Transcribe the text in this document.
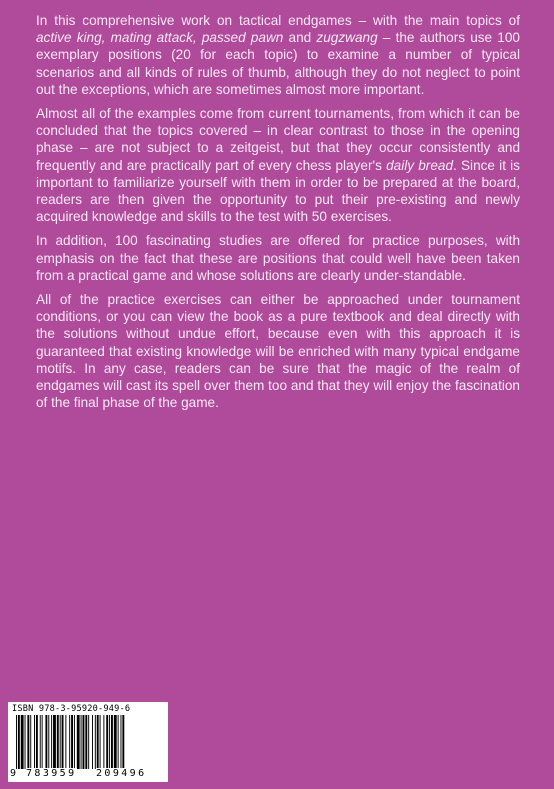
In this comprehensive work on tactical endgames – with the main topics of active king, mating attack, passed pawn and zugzwang – the authors use 100 exemplary positions (20 for each topic) to examine a number of typical scenarios and all kinds of rules of thumb, although they do not neglect to point out the exceptions, which are sometimes almost more important.

Almost all of the examples come from current tournaments, from which it can be concluded that the topics covered – in clear contrast to those in the opening phase – are not subject to a zeitgeist, but that they occur consistently and frequently and are practically part of every chess player's daily bread. Since it is important to familiarize yourself with them in order to be prepared at the board, readers are then given the opportunity to put their pre-existing and newly acquired knowledge and skills to the test with 50 exercises.

In addition, 100 fascinating studies are offered for practice purposes, with emphasis on the fact that these are positions that could well have been taken from a practical game and whose solutions are clearly under-standable.

All of the practice exercises can either be approached under tournament conditions, or you can view the book as a pure textbook and deal directly with the solutions without undue effort, because even with this approach it is guaranteed that existing knowledge will be enriched with many typical endgame motifs. In any case, readers can be sure that the magic of the realm of endgames will cast its spell over them too and that they will enjoy the fascination of the final phase of the game.

ISBN 978-3-95920-949-6
9 783959 209496
